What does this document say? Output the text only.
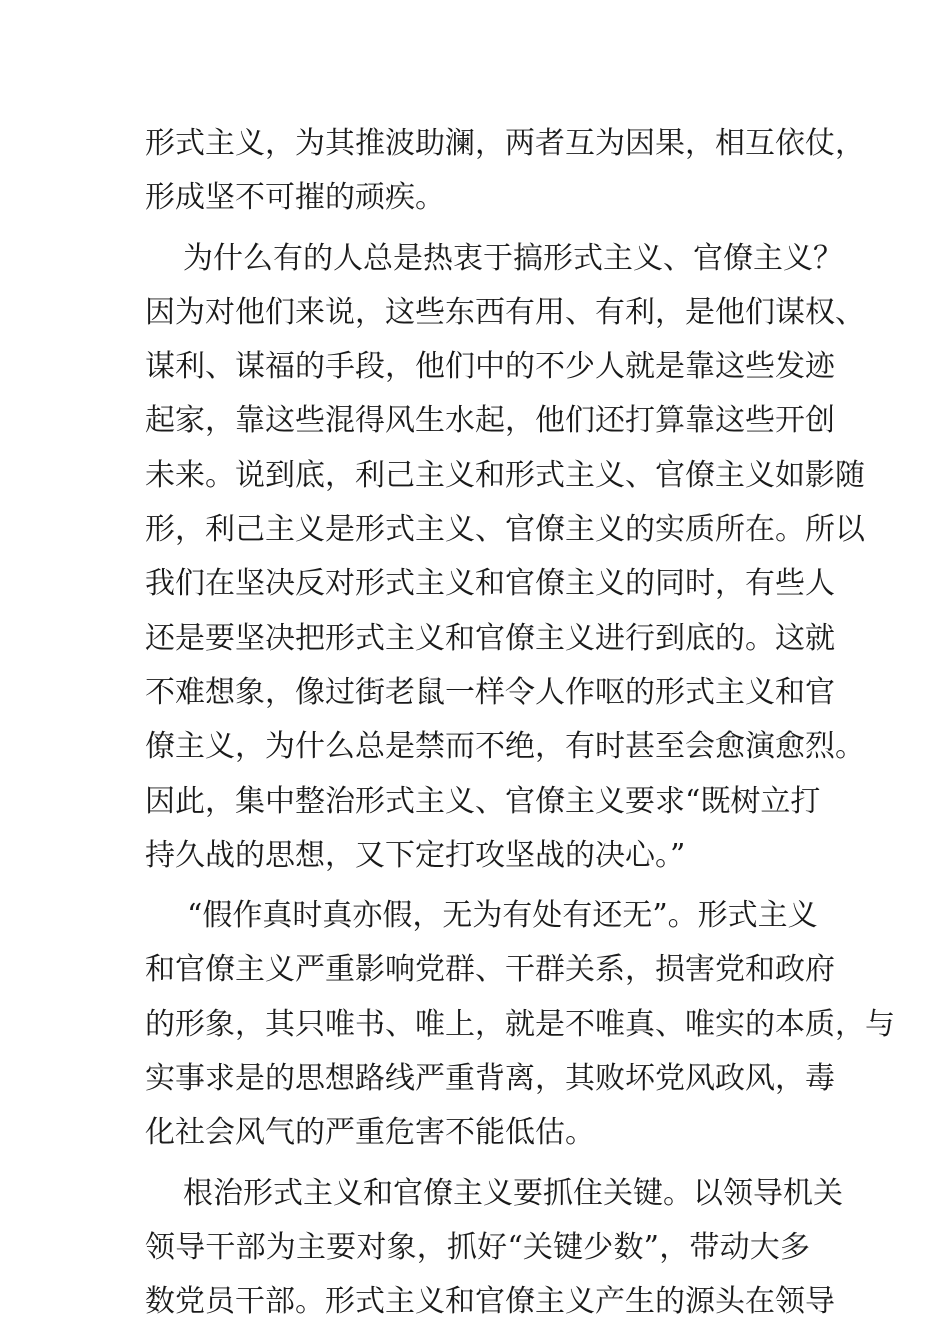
形式主义，为其推波助澜，两者互为因果，相互依仗，
形成坚不可摧的顽疾。
为什么有的人总是热衷于搞形式主义、官僚主义？
因为对他们来说，这些东西有用、有利，是他们谋权、
谋利、谋福的手段，他们中的不少人就是靠这些发迹
起家，靠这些混得风生水起，他们还打算靠这些开创
未来。说到底，利己主义和形式主义、官僚主义如影随
形，利己主义是形式主义、官僚主义的实质所在。所以
我们在坚决反对形式主义和官僚主义的同时，有些人
还是要坚决把形式主义和官僚主义进行到底的。这就
不难想象，像过街老鼠一样令人作呕的形式主义和官
僚主义，为什么总是禁而不绝，有时甚至会愈演愈烈。
因此，集中整治形式主义、官僚主义要求“既树立打
持久战的思想，又下定打攻坚战的决心。”
“假作真时真亦假，无为有处有还无”。形式主义
和官僚主义严重影响党群、干群关系，损害党和政府
的形象，其只唯书、唯上，就是不唯真、唯实的本质，与
实事求是的思想路线严重背离，其败坏党风政风，毒
化社会风气的严重危害不能低估。
根治形式主义和官僚主义要抓住关键。以领导机关
领导干部为主要对象，抓好“关键少数”，带动大多
数党员干部。形式主义和官僚主义产生的源头在领导
